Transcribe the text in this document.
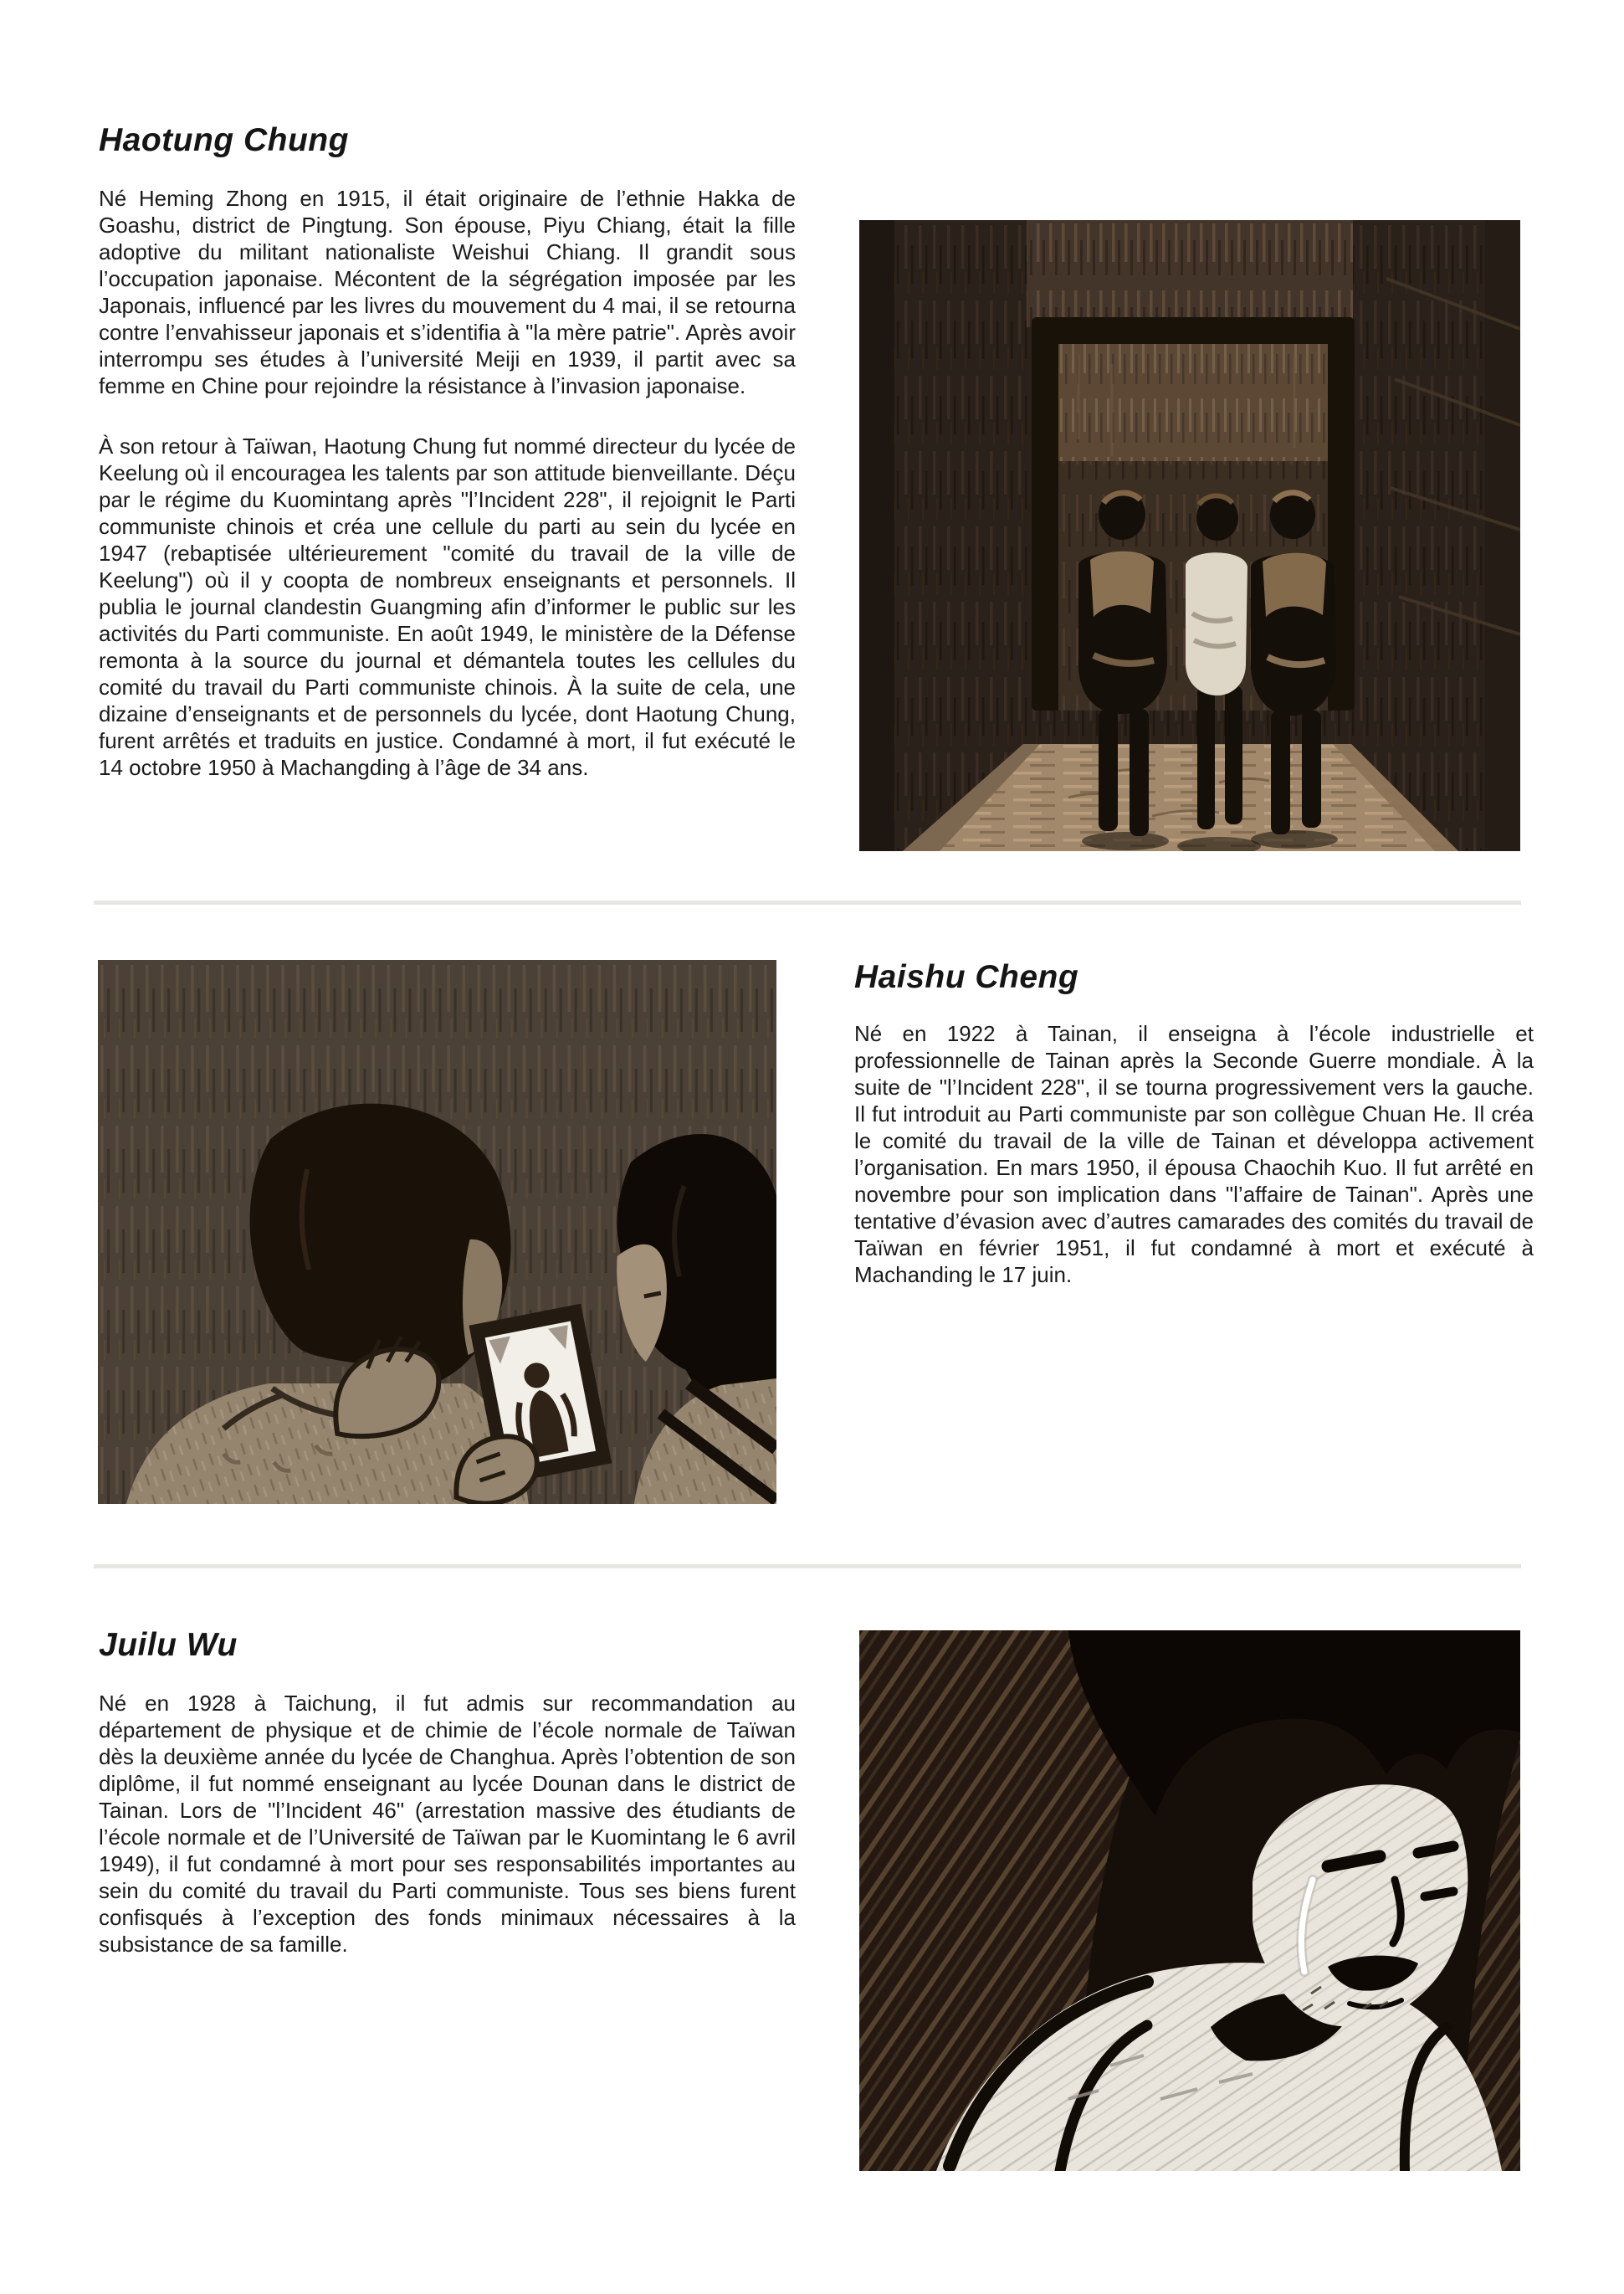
Haotung Chung

Né Heming Zhong en 1915, il était originaire de l’ethnie Hakka de Goashu, district de Pingtung. Son épouse, Piyu Chiang, était la fille adoptive du militant nationaliste Weishui Chiang. Il grandit sous l’occupation japonaise. Mécontent de la ségrégation imposée par les Japonais, influencé par les livres du mouvement du 4 mai, il se retourna contre l’envahisseur japonais et s’identifia à "la mère patrie". Après avoir interrompu ses études à l’université Meiji en 1939, il partit avec sa femme en Chine pour rejoindre la résistance à l’invasion japonaise.

À son retour à Taïwan, Haotung Chung fut nommé directeur du lycée de Keelung où il encouragea les talents par son attitude bienveillante. Déçu par le régime du Kuomintang après "l’Incident 228", il rejoignit le Parti communiste chinois et créa une cellule du parti au sein du lycée en 1947 (rebaptisée ultérieurement "comité du travail de la ville de Keelung") où il y coopta de nombreux enseignants et personnels. Il publia le journal clandestin Guangming afin d’informer le public sur les activités du Parti communiste. En août 1949, le ministère de la Défense remonta à la source du journal et démantela toutes les cellules du comité du travail du Parti communiste chinois. À la suite de cela, une dizaine d’enseignants et de personnels du lycée, dont Haotung Chung, furent arrêtés et traduits en justice. Condamné à mort, il fut exécuté le 14 octobre 1950 à Machangding à l’âge de 34 ans.

Haishu Cheng

Né en 1922 à Tainan, il enseigna à l’école industrielle et professionnelle de Tainan après la Seconde Guerre mondiale. À la suite de "l’Incident 228", il se tourna progressivement vers la gauche. Il fut introduit au Parti communiste par son collègue Chuan He. Il créa le comité du travail de la ville de Tainan et développa activement l’organisation. En mars 1950, il épousa Chaochih Kuo. Il fut arrêté en novembre pour son implication dans "l’affaire de Tainan". Après une tentative d’évasion avec d’autres camarades des comités du travail de Taïwan en février 1951, il fut condamné à mort et exécuté à Machanding le 17 juin.

Juilu Wu

Né en 1928 à Taichung, il fut admis sur recommandation au département de physique et de chimie de l’école normale de Taïwan dès la deuxième année du lycée de Changhua. Après l’obtention de son diplôme, il fut nommé enseignant au lycée Dounan dans le district de Tainan. Lors de "l’Incident 46" (arrestation massive des étudiants de l’école normale et de l’Université de Taïwan par le Kuomintang le 6 avril 1949), il fut condamné à mort pour ses responsabilités importantes au sein du comité du travail du Parti communiste. Tous ses biens furent confisqués à l’exception des fonds minimaux nécessaires à la subsistance de sa famille.
